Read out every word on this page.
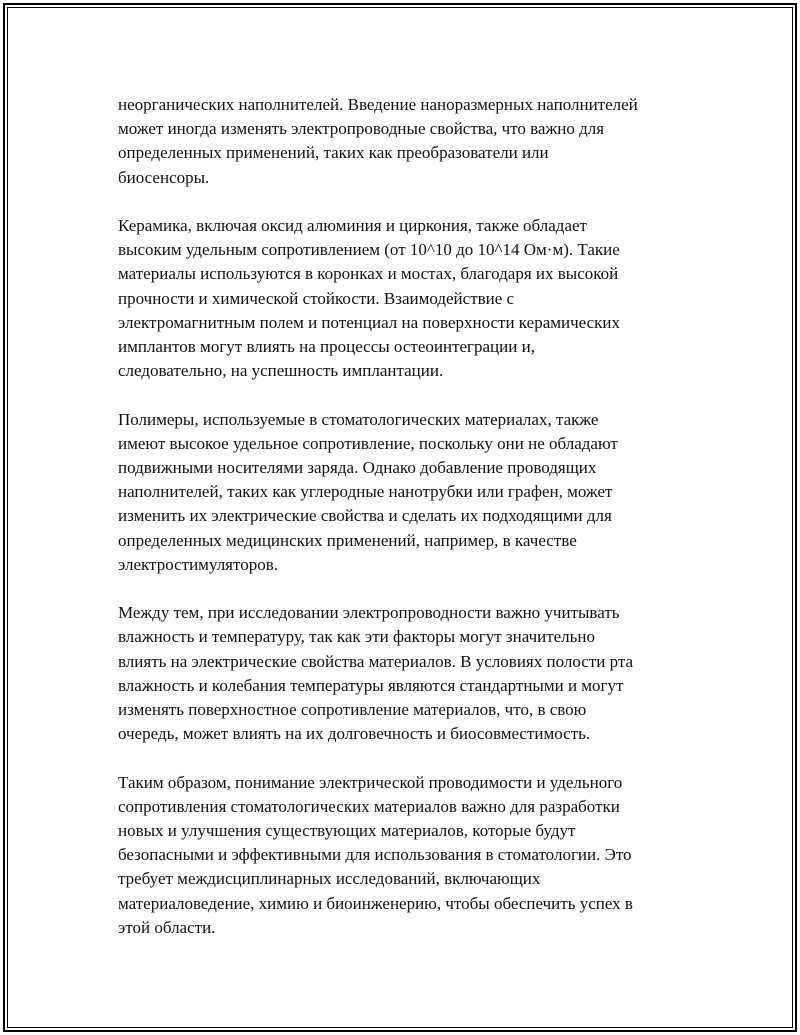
неорганических наполнителей. Введение наноразмерных наполнителей
может иногда изменять электропроводные свойства, что важно для
определенных применений, таких как преобразователи или
биосенсоры.

Керамика, включая оксид алюминия и циркония, также обладает
высоким удельным сопротивлением (от 10^10 до 10^14 Ом·м). Такие
материалы используются в коронках и мостах, благодаря их высокой
прочности и химической стойкости. Взаимодействие с
электромагнитным полем и потенциал на поверхности керамических
имплантов могут влиять на процессы остеоинтеграции и,
следовательно, на успешность имплантации.

Полимеры, используемые в стоматологических материалах, также
имеют высокое удельное сопротивление, поскольку они не обладают
подвижными носителями заряда. Однако добавление проводящих
наполнителей, таких как углеродные нанотрубки или графен, может
изменить их электрические свойства и сделать их подходящими для
определенных медицинских применений, например, в качестве
электростимуляторов.

Между тем, при исследовании электропроводности важно учитывать
влажность и температуру, так как эти факторы могут значительно
влиять на электрические свойства материалов. В условиях полости рта
влажность и колебания температуры являются стандартными и могут
изменять поверхностное сопротивление материалов, что, в свою
очередь, может влиять на их долговечность и биосовместимость.

Таким образом, понимание электрической проводимости и удельного
сопротивления стоматологических материалов важно для разработки
новых и улучшения существующих материалов, которые будут
безопасными и эффективными для использования в стоматологии. Это
требует междисциплинарных исследований, включающих
материаловедение, химию и биоинженерию, чтобы обеспечить успех в
этой области.
